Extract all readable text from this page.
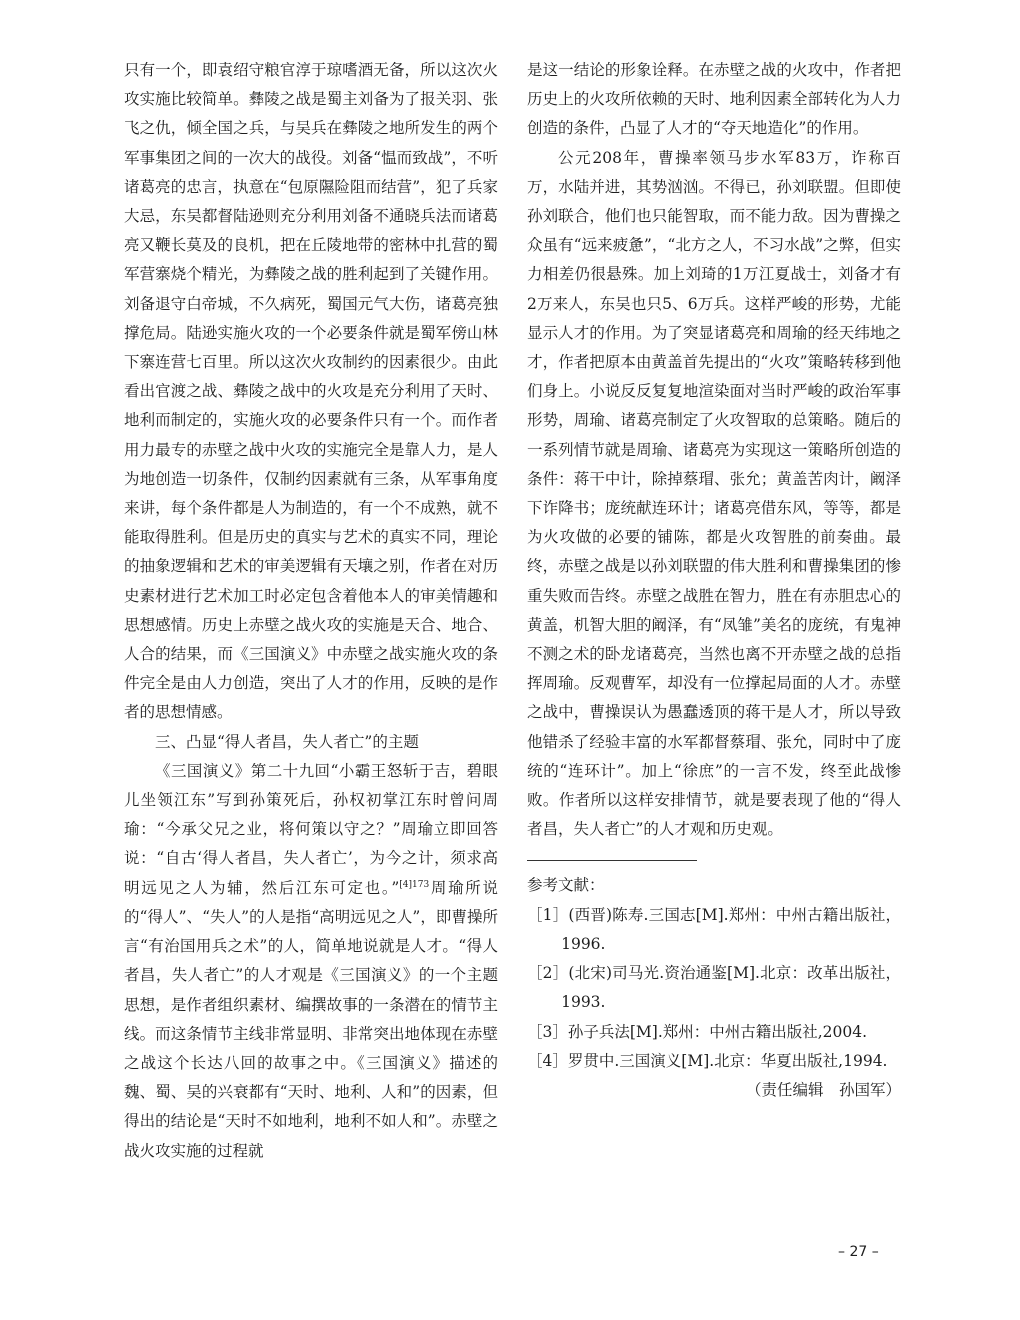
只有一个，即袁绍守粮官淳于琼嗜酒无备，所以这次火攻实施比较简单。彝陵之战是蜀主刘备为了报关羽、张飞之仇，倾全国之兵，与吴兵在彝陵之地所发生的两个军事集团之间的一次大的战役。刘备“愠而致战”，不听诸葛亮的忠言，执意在“包原隰险阻而结营”，犯了兵家大忌，东吴都督陆逊则充分利用刘备不通晓兵法而诸葛亮又鞭长莫及的良机，把在丘陵地带的密林中扎营的蜀军营寨烧个精光，为彝陵之战的胜利起到了关键作用。刘备退守白帝城，不久病死，蜀国元气大伤，诸葛亮独撑危局。陆逊实施火攻的一个必要条件就是蜀军傍山林下寨连营七百里。所以这次火攻制约的因素很少。由此看出官渡之战、彝陵之战中的火攻是充分利用了天时、地利而制定的，实施火攻的必要条件只有一个。而作者用力最专的赤壁之战中火攻的实施完全是靠人力，是人为地创造一切条件，仅制约因素就有三条，从军事角度来讲，每个条件都是人为制造的，有一个不成熟，就不能取得胜利。但是历史的真实与艺术的真实不同，理论的抽象逻辑和艺术的审美逻辑有天壤之别，作者在对历史素材进行艺术加工时必定包含着他本人的审美情趣和思想感情。历史上赤壁之战火攻的实施是天合、地合、人合的结果，而《三国演义》中赤壁之战实施火攻的条件完全是由人力创造，突出了人才的作用，反映的是作者的思想情感。

三、凸显“得人者昌，失人者亡”的主题

《三国演义》第二十九回“小霸王怒斩于吉，碧眼儿坐领江东”写到孙策死后，孙权初掌江东时曾问周瑜：“今承父兄之业，将何策以守之？”周瑜立即回答说：“自古‘得人者昌，失人者亡’，为今之计，须求高明远见之人为辅，然后江东可定也。”$^{[4]173}$周瑜所说的“得人”、“失人”的人是指“高明远见之人”，即曹操所言“有治国用兵之术”的人，简单地说就是人才。“得人者昌，失人者亡”的人才观是《三国演义》的一个主题思想，是作者组织素材、编撰故事的一条潜在的情节主线。而这条情节主线非常显明、非常突出地体现在赤壁之战这个长达八回的故事之中。《三国演义》描述的魏、蜀、吴的兴衰都有“天时、地利、人和”的因素，但得出的结论是“天时不如地利，地利不如人和”。赤壁之战火攻实施的过程就

是这一结论的形象诠释。在赤壁之战的火攻中，作者把历史上的火攻所依赖的天时、地利因素全部转化为人力创造的条件，凸显了人才的“夺天地造化”的作用。

公元208年，曹操率领马步水军83万，诈称百万，水陆并进，其势汹汹。不得已，孙刘联盟。但即使孙刘联合，他们也只能智取，而不能力敌。因为曹操之众虽有“远来疲惫”，“北方之人，不习水战”之弊，但实力相差仍很悬殊。加上刘琦的1万江夏战士，刘备才有2万来人，东吴也只5、6万兵。这样严峻的形势，尤能显示人才的作用。为了突显诸葛亮和周瑜的经天纬地之才，作者把原本由黄盖首先提出的“火攻”策略转移到他们身上。小说反反复复地渲染面对当时严峻的政治军事形势，周瑜、诸葛亮制定了火攻智取的总策略。随后的一系列情节就是周瑜、诸葛亮为实现这一策略所创造的条件：蒋干中计，除掉蔡瑁、张允；黄盖苦肉计，阚泽下诈降书；庞统献连环计；诸葛亮借东风，等等，都是为火攻做的必要的铺陈，都是火攻智胜的前奏曲。最终，赤壁之战是以孙刘联盟的伟大胜利和曹操集团的惨重失败而告终。赤壁之战胜在智力，胜在有赤胆忠心的黄盖，机智大胆的阚泽，有“凤雏”美名的庞统，有鬼神不测之术的卧龙诸葛亮，当然也离不开赤壁之战的总指挥周瑜。反观曹军，却没有一位撑起局面的人才。赤壁之战中，曹操误认为愚蠢透顶的蒋干是人才，所以导致他错杀了经验丰富的水军都督蔡瑁、张允，同时中了庞统的“连环计”。加上“徐庶”的一言不发，终至此战惨败。作者所以这样安排情节，就是要表现了他的“得人者昌，失人者亡”的人才观和历史观。

参考文献：

［1］(西晋)陈寿.三国志[M].郑州：中州古籍出版社，1996.

［2］(北宋)司马光.资治通鉴[M].北京：改革出版社，1993.

［3］孙子兵法[M].郑州：中州古籍出版社,2004.

［4］罗贯中.三国演义[M].北京：华夏出版社,1994.

（责任编辑　孙国军）

– 27 –
